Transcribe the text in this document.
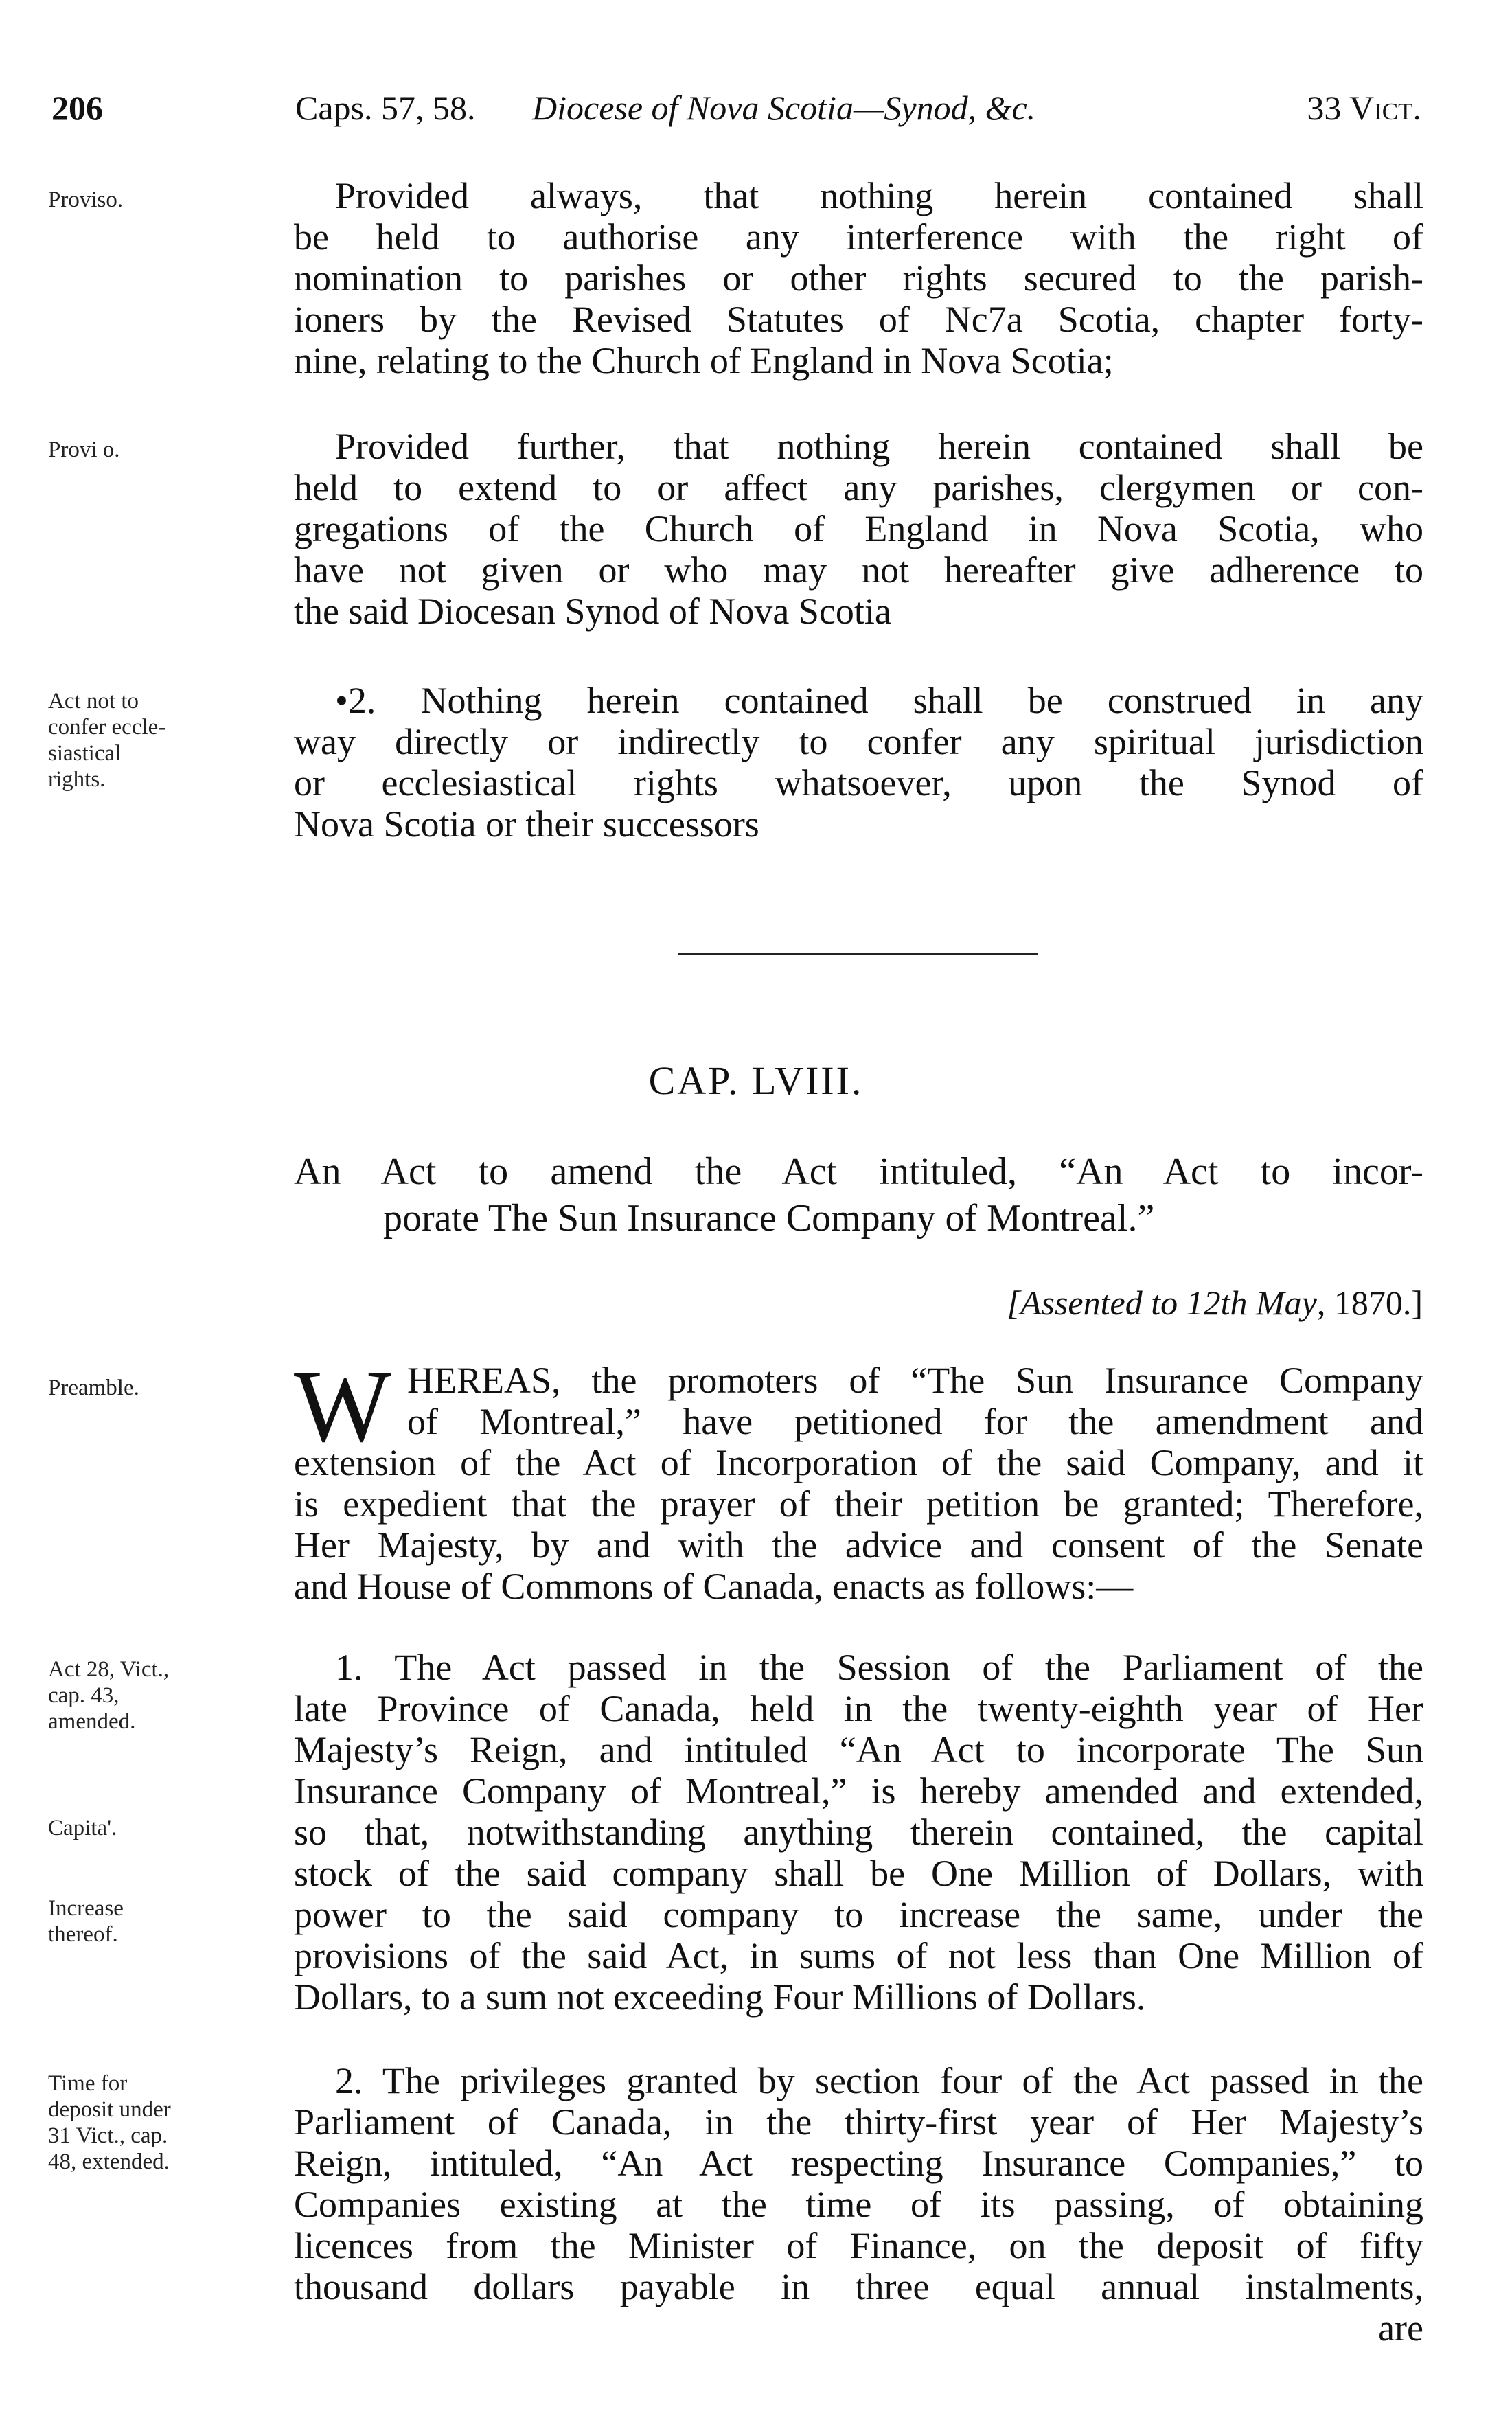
206	Caps. 57, 58. Diocese of Nova Scotia—Synod, &c.	33 Vict.
Proviso.	Provided always, that nothing herein contained shall
be held to authorise any interference with the right of
nomination to parishes or other rights secured to the parish-
ioners by the Revised Statutes of Nc7a Scotia, chapter forty-
nine, relating to the Church of England in Nova Scotia;
Provi o.	Provided further, that nothing herein contained shall be
held to extend to or affect any parishes, clergymen or con-
gregations of the Church of England in Nova Scotia, who
have not given or who may not hereafter give adherence to
the said Diocesan Synod of Nova Scotia
Act not to
confer eccle-
siastical
rights.
•2. Nothing herein contained shall be construed in any
way directly or indirectly to confer any spiritual jurisdiction
or ecclesiastical rights whatsoever, upon the Synod of
Nova Scotia or their successors
CAP. LVIII.
An Act to amend the Act intituled, “An Act to incor-
porate The Sun Insurance Company of Montreal.”
[Assented to 12th May, 1870.]
Preamble.	W HEREAS, the promoters of “The Sun Insurance Company
of Montreal,” have petitioned for the amendment and
extension of the Act of Incorporation of the said Company, and it
is expedient that the prayer of their petition be granted; Therefore,
Her Majesty, by and with the advice and consent of the Senate
and House of Commons of Canada, enacts as follows:—
Act 28, Vict.,
cap. 43,
amended.
Capita'.
Increase
thereof.
1. The Act passed in the Session of the Parliament of the
late Province of Canada, held in the twenty-eighth year of Her
Majesty’s Reign, and intituled “An Act to incorporate The Sun
Insurance Company of Montreal,” is hereby amended and extended,
so that, notwithstanding anything therein contained, the capital
stock of the said company shall be One Million of Dollars, with
power to the said company to increase the same, under the
provisions of the said Act, in sums of not less than One Million of
Dollars, to a sum not exceeding Four Millions of Dollars.
Time for
deposit under
31 Vict., cap.
48, extended.
2. The privileges granted by section four of the Act passed in the
Parliament of Canada, in the thirty-first year of Her Majesty’s
Reign, intituled, “An Act respecting Insurance Companies,” to
Companies existing at the time of its passing, of obtaining
licences from the Minister of Finance, on the deposit of fifty
thousand dollars payable in three equal annual instalments,
are
